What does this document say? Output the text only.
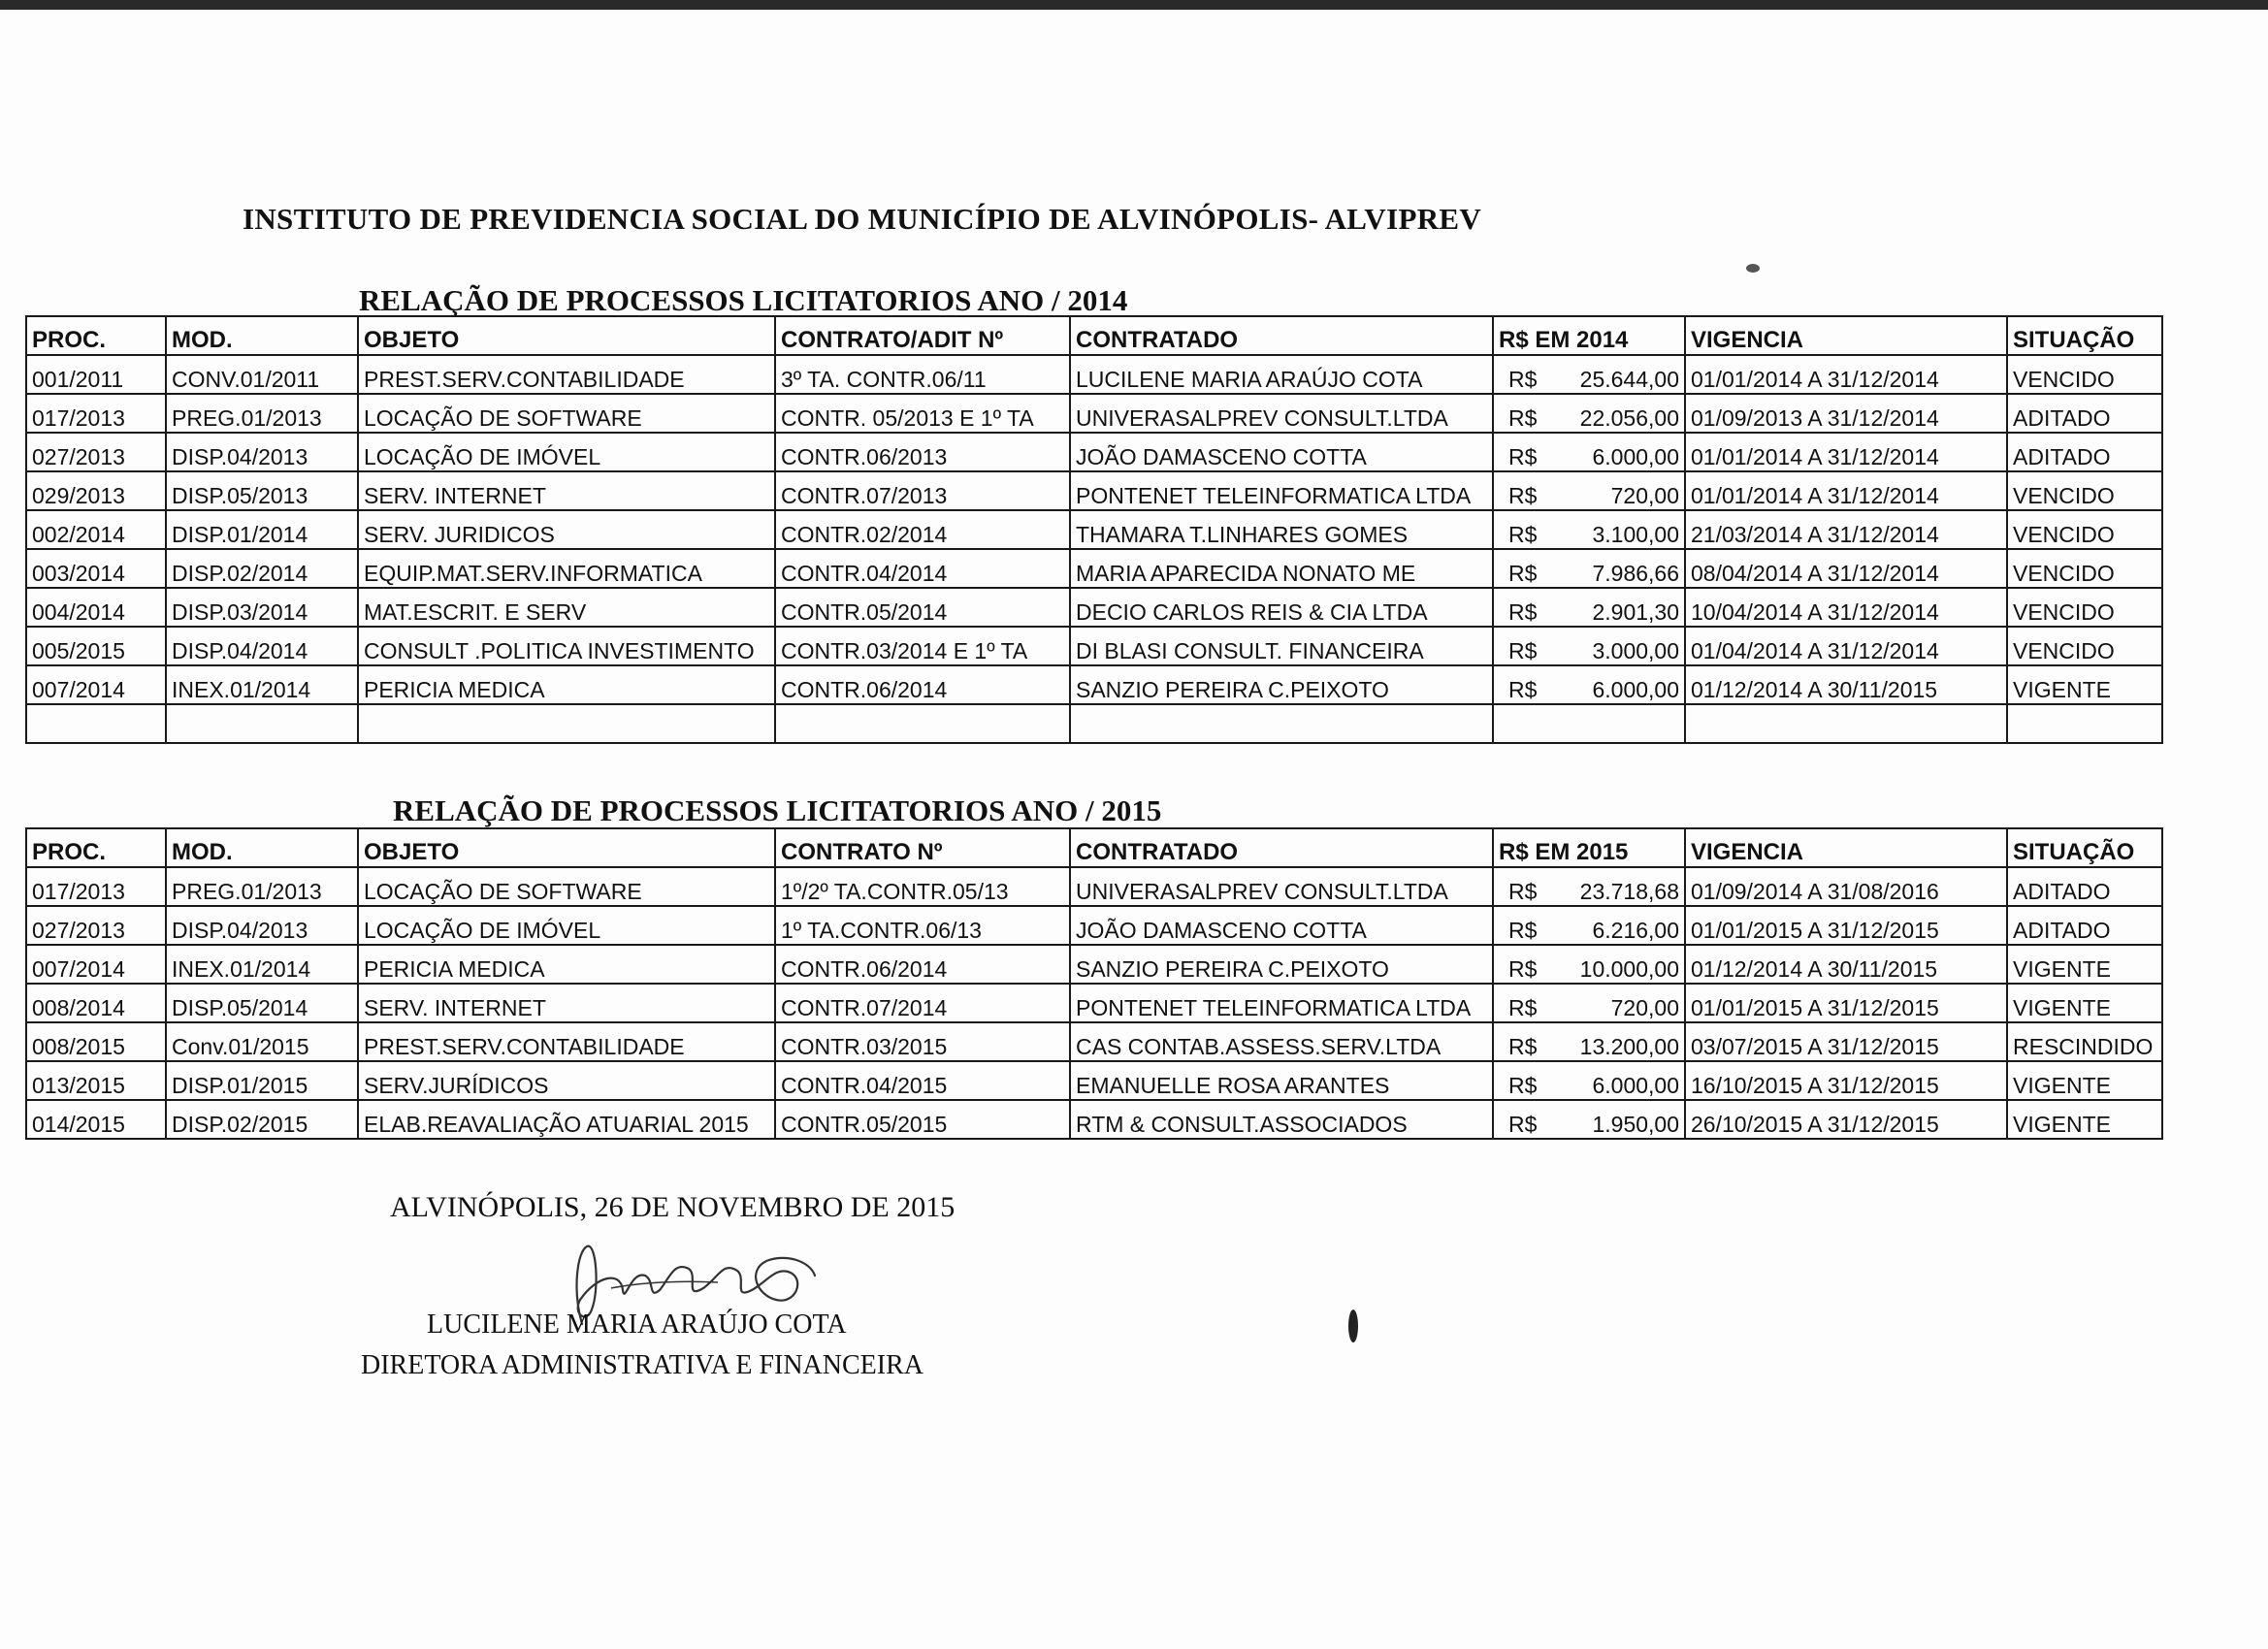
INSTITUTO DE PREVIDENCIA SOCIAL DO MUNICÍPIO DE ALVINÓPOLIS- ALVIPREV
RELAÇÃO DE PROCESSOS LICITATORIOS ANO / 2014
PROC.	MOD.	OBJETO	CONTRATO/ADIT Nº	CONTRATADO	R$ EM 2014	VIGENCIA	SITUAÇÃO
001/2011	CONV.01/2011	PREST.SERV.CONTABILIDADE	3º TA. CONTR.06/11	LUCILENE MARIA ARAÚJO COTA	R$ 25.644,00	01/01/2014 A 31/12/2014	VENCIDO
017/2013	PREG.01/2013	LOCAÇÃO DE SOFTWARE	CONTR. 05/2013 E 1º TA	UNIVERASALPREV CONSULT.LTDA	R$ 22.056,00	01/09/2013 A 31/12/2014	ADITADO
027/2013	DISP.04/2013	LOCAÇÃO DE IMÓVEL	CONTR.06/2013	JOÃO DAMASCENO COTTA	R$ 6.000,00	01/01/2014 A 31/12/2014	ADITADO
029/2013	DISP.05/2013	SERV. INTERNET	CONTR.07/2013	PONTENET TELEINFORMATICA LTDA	R$ 720,00	01/01/2014 A 31/12/2014	VENCIDO
002/2014	DISP.01/2014	SERV. JURIDICOS	CONTR.02/2014	THAMARA T.LINHARES GOMES	R$ 3.100,00	21/03/2014 A 31/12/2014	VENCIDO
003/2014	DISP.02/2014	EQUIP.MAT.SERV.INFORMATICA	CONTR.04/2014	MARIA APARECIDA NONATO ME	R$ 7.986,66	08/04/2014 A 31/12/2014	VENCIDO
004/2014	DISP.03/2014	MAT.ESCRIT. E SERV	CONTR.05/2014	DECIO CARLOS REIS & CIA LTDA	R$ 2.901,30	10/04/2014 A 31/12/2014	VENCIDO
005/2015	DISP.04/2014	CONSULT .POLITICA INVESTIMENTO	CONTR.03/2014 E 1º TA	DI BLASI CONSULT. FINANCEIRA	R$ 3.000,00	01/04/2014 A 31/12/2014	VENCIDO
007/2014	INEX.01/2014	PERICIA MEDICA	CONTR.06/2014	SANZIO PEREIRA C.PEIXOTO	R$ 6.000,00	01/12/2014 A 30/11/2015	VIGENTE

RELAÇÃO DE PROCESSOS LICITATORIOS ANO / 2015
PROC.	MOD.	OBJETO	CONTRATO Nº	CONTRATADO	R$ EM 2015	VIGENCIA	SITUAÇÃO
017/2013	PREG.01/2013	LOCAÇÃO DE SOFTWARE	1º/2º TA.CONTR.05/13	UNIVERASALPREV CONSULT.LTDA	R$ 23.718,68	01/09/2014 A 31/08/2016	ADITADO
027/2013	DISP.04/2013	LOCAÇÃO DE IMÓVEL	1º TA.CONTR.06/13	JOÃO DAMASCENO COTTA	R$ 6.216,00	01/01/2015 A 31/12/2015	ADITADO
007/2014	INEX.01/2014	PERICIA MEDICA	CONTR.06/2014	SANZIO PEREIRA C.PEIXOTO	R$ 10.000,00	01/12/2014 A 30/11/2015	VIGENTE
008/2014	DISP.05/2014	SERV. INTERNET	CONTR.07/2014	PONTENET TELEINFORMATICA LTDA	R$ 720,00	01/01/2015 A 31/12/2015	VIGENTE
008/2015	Conv.01/2015	PREST.SERV.CONTABILIDADE	CONTR.03/2015	CAS CONTAB.ASSESS.SERV.LTDA	R$ 13.200,00	03/07/2015 A 31/12/2015	RESCINDIDO
013/2015	DISP.01/2015	SERV.JURÍDICOS	CONTR.04/2015	EMANUELLE ROSA ARANTES	R$ 6.000,00	16/10/2015 A 31/12/2015	VIGENTE
014/2015	DISP.02/2015	ELAB.REAVALIAÇÃO ATUARIAL 2015	CONTR.05/2015	RTM & CONSULT.ASSOCIADOS	R$ 1.950,00	26/10/2015 A 31/12/2015	VIGENTE
ALVINÓPOLIS, 26 DE NOVEMBRO DE 2015
LUCILENE MARIA ARAÚJO COTA
DIRETORA ADMINISTRATIVA E FINANCEIRA
